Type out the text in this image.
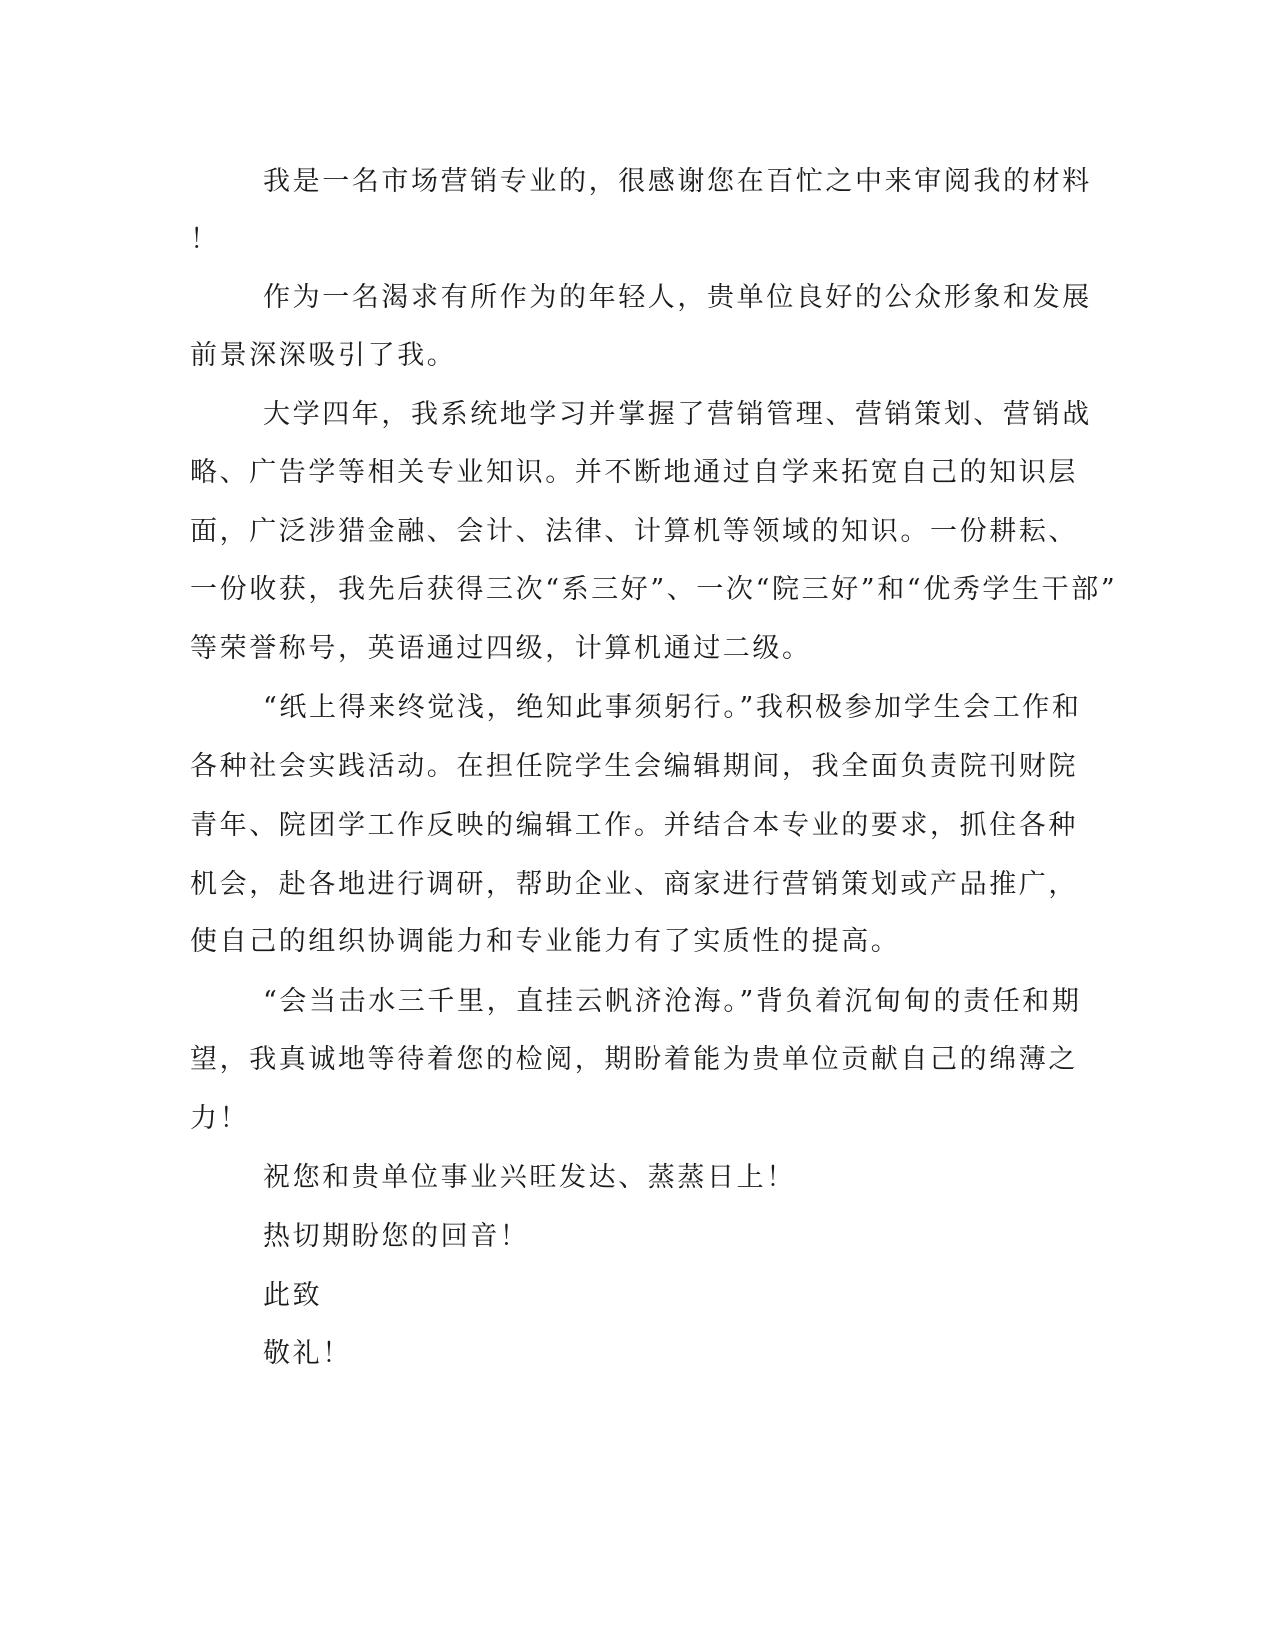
我是一名市场营销专业的，很感谢您在百忙之中来审阅我的材料
！
作为一名渴求有所作为的年轻人，贵单位良好的公众形象和发展
前景深深吸引了我。
大学四年，我系统地学习并掌握了营销管理、营销策划、营销战
略、广告学等相关专业知识。并不断地通过自学来拓宽自己的知识层
面，广泛涉猎金融、会计、法律、计算机等领域的知识。一份耕耘、
一份收获，我先后获得三次“系三好”、一次“院三好”和“优秀学生干部”
等荣誉称号，英语通过四级，计算机通过二级。
“纸上得来终觉浅，绝知此事须躬行。”我积极参加学生会工作和
各种社会实践活动。在担任院学生会编辑期间，我全面负责院刊财院
青年、院团学工作反映的编辑工作。并结合本专业的要求，抓住各种
机会，赴各地进行调研，帮助企业、商家进行营销策划或产品推广，
使自己的组织协调能力和专业能力有了实质性的提高。
“会当击水三千里，直挂云帆济沧海。”背负着沉甸甸的责任和期
望，我真诚地等待着您的检阅，期盼着能为贵单位贡献自己的绵薄之
力！
祝您和贵单位事业兴旺发达、蒸蒸日上！
热切期盼您的回音！
此致
敬礼！
